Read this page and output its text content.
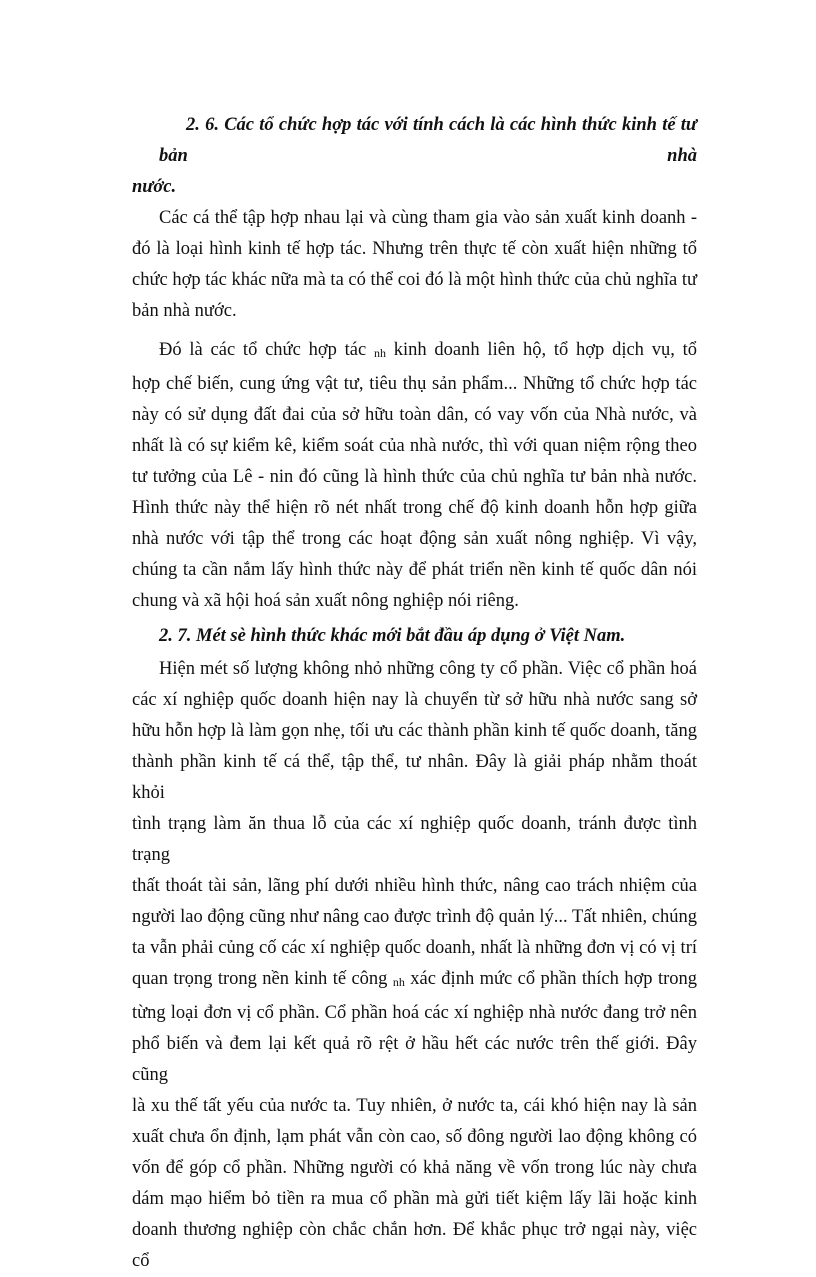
2. 6. Các tổ chức hợp tác với tính cách là các hình thức kinh tế tư bản nhà
nước.

Các cá thể tập hợp nhau lại và cùng tham gia vào sản xuất kinh doanh -
đó là loại hình kinh tế hợp tác. Nhưng trên thực tế còn xuất hiện những tổ
chức hợp tác khác nữa mà ta có thể coi đó là một hình thức của chủ nghĩa tư
bản nhà nước.

Đó là các tổ chức hợp tác nh kinh doanh liên hộ, tổ hợp dịch vụ, tổ
hợp chế biến, cung ứng vật tư, tiêu thụ sản phẩm... Những tổ chức hợp tác
này có sử dụng đất đai của sở hữu toàn dân, có vay vốn của Nhà nước, và
nhất là có sự kiểm kê, kiểm soát của nhà nước, thì với quan niệm rộng theo
tư tưởng của Lê - nin đó cũng là hình thức của chủ nghĩa tư bản nhà nước.
Hình thức này thể hiện rõ nét nhất trong chế độ kinh doanh hỗn hợp giữa
nhà nước với tập thể trong các hoạt động sản xuất nông nghiệp. Vì vậy,
chúng ta cần nắm lấy hình thức này để phát triển nền kinh tế quốc dân nói
chung và xã hội hoá sản xuất nông nghiệp nói riêng.

2. 7. Mét sè hình thức khác mới bắt đầu áp dụng ở Việt Nam.

Hiện mét số lượng không nhỏ những công ty cổ phần. Việc cổ phần hoá
các xí nghiệp quốc doanh hiện nay là chuyển từ sở hữu nhà nước sang sở
hữu hỗn hợp là làm gọn nhẹ, tối ưu các thành phần kinh tế quốc doanh, tăng
thành phần kinh tế cá thể, tập thể, tư nhân. Đây là giải pháp nhằm thoát khỏi
tình trạng làm ăn thua lỗ của các xí nghiệp quốc doanh, tránh được tình trạng
thất thoát tài sản, lãng phí dưới nhiều hình thức, nâng cao trách nhiệm của
người lao động cũng như nâng cao được trình độ quản lý... Tất nhiên, chúng
ta vẫn phải củng cố các xí nghiệp quốc doanh, nhất là những đơn vị có vị trí
quan trọng trong nền kinh tế công nh xác định mức cổ phần thích hợp trong
từng loại đơn vị cổ phần. Cổ phần hoá các xí nghiệp nhà nước đang trở nên
phổ biến và đem lại kết quả rõ rệt ở hầu hết các nước trên thế giới. Đây cũng
là xu thế tất yếu của nước ta. Tuy nhiên, ở nước ta, cái khó hiện nay là sản
xuất chưa ổn định, lạm phát vẫn còn cao, số đông người lao động không có
vốn để góp cổ phần. Những người có khả năng về vốn trong lúc này chưa
dám mạo hiểm bỏ tiền ra mua cổ phần mà gửi tiết kiệm lấy lãi hoặc kinh
doanh thương nghiệp còn chắc chắn hơn. Để khắc phục trở ngại này, việc cổ
